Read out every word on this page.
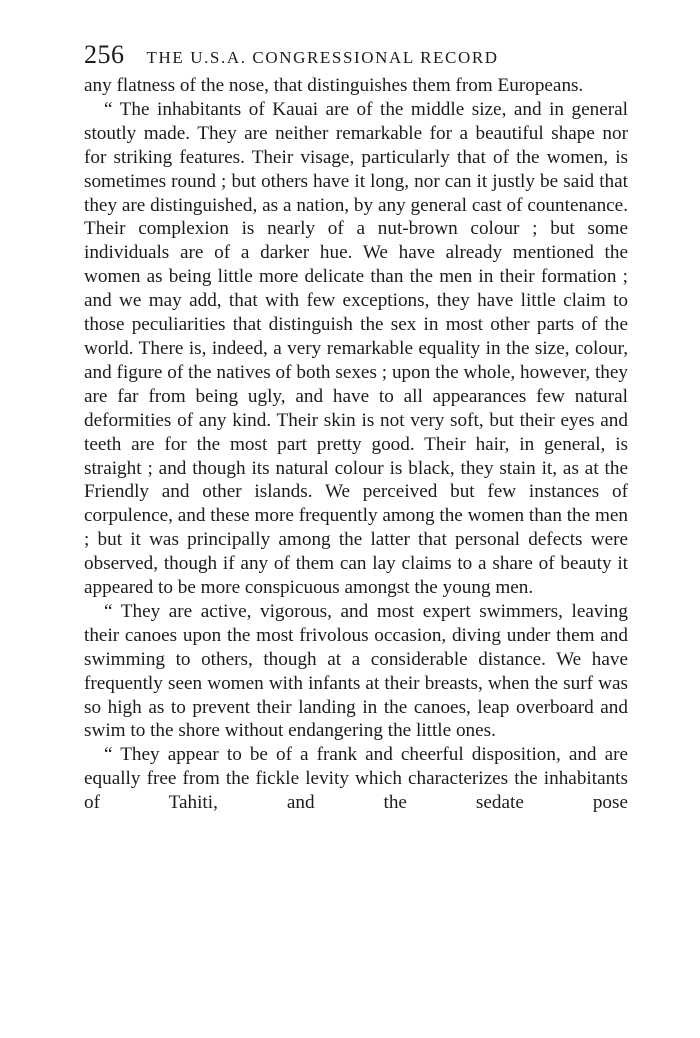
256 THE U.S.A. CONGRESSIONAL RECORD

any flatness of the nose, that distinguishes them from Europeans.

“ The inhabitants of Kauai are of the middle size, and in general stoutly made. They are neither remarkable for a beautiful shape nor for striking features. Their visage, particularly that of the women, is sometimes round ; but others have it long, nor can it justly be said that they are distinguished, as a nation, by any general cast of countenance. Their complexion is nearly of a nut-brown colour ; but some individuals are of a darker hue. We have already mentioned the women as being little more delicate than the men in their formation ; and we may add, that with few exceptions, they have little claim to those peculiarities that distinguish the sex in most other parts of the world. There is, indeed, a very remarkable equality in the size, colour, and figure of the natives of both sexes ; upon the whole, however, they are far from being ugly, and have to all appearances few natural deformities of any kind. Their skin is not very soft, but their eyes and teeth are for the most part pretty good. Their hair, in general, is straight ; and though its natural colour is black, they stain it, as at the Friendly and other islands. We perceived but few instances of corpulence, and these more frequently among the women than the men ; but it was principally among the latter that personal defects were observed, though if any of them can lay claims to a share of beauty it appeared to be more conspicuous amongst the young men.

“ They are active, vigorous, and most expert swimmers, leaving their canoes upon the most frivolous occasion, diving under them and swimming to others, though at a considerable distance. We have frequently seen women with infants at their breasts, when the surf was so high as to prevent their landing in the canoes, leap overboard and swim to the shore without endangering the little ones.

“ They appear to be of a frank and cheerful disposition, and are equally free from the fickle levity which characterizes the inhabitants of Tahiti, and the sedate pose
